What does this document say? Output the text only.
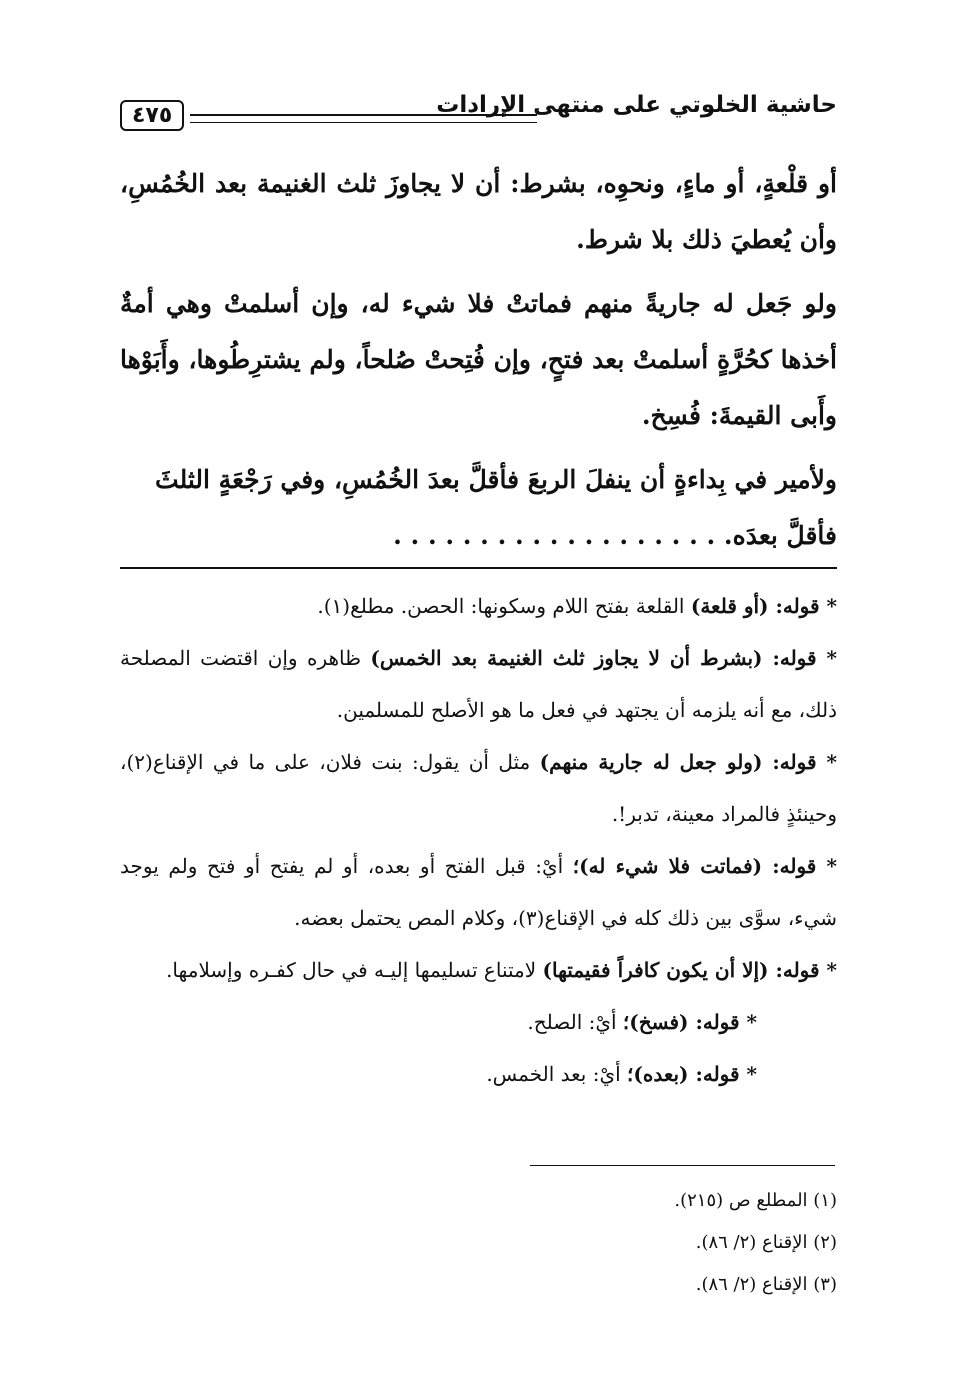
٤٧٥	حاشية الخلوتي على منتهى الإرادات

أو قلْعةٍ، أو ماءٍ، ونحوِه، بشرط: أن لا يجاوزَ ثلث الغنيمة بعد الخُمُسِ، وأن يُعطيَ ذلك بلا شرط.

ولو جَعل له جاريةً منهم فماتتْ فلا شيء له، وإن أسلمتْ وهي أمةٌ أخذها كحُرَّةٍ أسلمتْ بعد فتحٍ، وإن فُتِحتْ صُلحاً، ولم يشترِطُوها، وأَبَوْها وأَبى القيمةَ: فُسِخ.

ولأمير في بِداءةٍ أن ينفلَ الربعَ فأقلَّ بعدَ الخُمُسِ، وفي رَجْعَةٍ الثلثَ

فأقلَّ بعدَه. . . . . . . . . . . . . . . . . . . .

* قوله: (أو قلعة) القلعة بفتح اللام وسكونها: الحصن. مطلع(١).

* قوله: (بشرط أن لا يجاوز ثلث الغنيمة بعد الخمس) ظاهره وإن اقتضت المصلحة ذلك، مع أنه يلزمه أن يجتهد في فعل ما هو الأصلح للمسلمين.

* قوله: (ولو جعل له جارية منهم) مثل أن يقول: بنت فلان، على ما في الإقناع(٢)، وحينئذٍ فالمراد معينة، تدبر!.

* قوله: (فماتت فلا شيء له)؛ أيْ: قبل الفتح أو بعده، أو لم يفتح أو فتح ولم يوجد شيء، سوَّى بين ذلك كله في الإقناع(٣)، وكلام المص يحتمل بعضه.

* قوله: (إلا أن يكون كافراً فقيمتها) لامتناع تسليمها إليـه في حال كفـره وإسلامها.

* قوله: (فسخ)؛ أيْ: الصلح.

* قوله: (بعده)؛ أيْ: بعد الخمس.

(١) المطلع ص (٢١٥).
(٢) الإقناع (٢/ ٨٦).
(٣) الإقناع (٢/ ٨٦).
